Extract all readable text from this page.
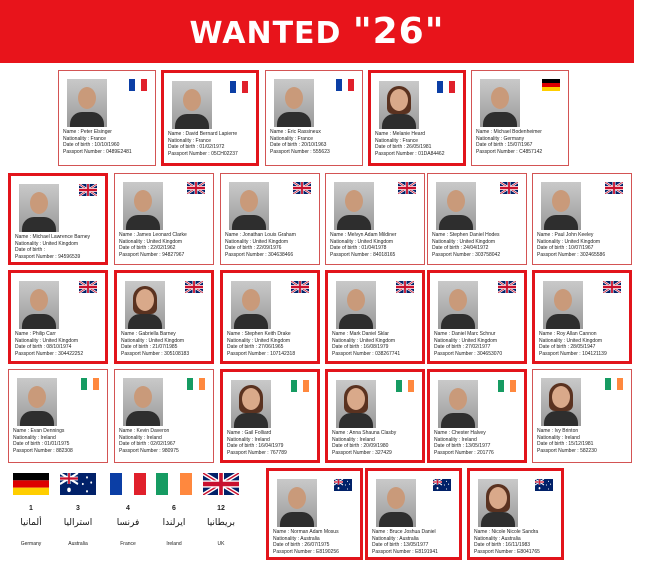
WANTED "26"
Name : Peter Elsinger
Nationality : France
Date of birth : 10/10/1960
Passport Number : 0489E2481
Name : David Bernard Lapierre
Nationality : France
Date of birth : 01/02/1972
Passport Number : 05CH02237
Name : Eric Rassineux
Nationality : France
Date of birth : 20/10/1963
Passport Number : 555623
Name : Melanie Heard
Nationality : France
Date of birth : 26/05/1981
Passport Number : 01DA84462
Name : Michael Bodenheimer
Nationality : Germany
Date of birth : 15/07/1967
Passport Number : C4857142
Name : Michael Lawrence Barney
Nationality : United Kingdom
Date of birth :
Passport Number : 94596539
Name : James Leonard Clarke
Nationality : United Kingdom
Date of birth : 22/02/1962
Passport Number : 94827967
Name : Jonathan Louis Graham
Nationality : United Kingdom
Date of birth : 22/09/1976
Passport Number : 304638466
Name : Melvyn Adam Mildiner
Nationality : United Kingdom
Date of birth : 01/04/1978
Passport Number : 84018165
Name : Stephen Daniel Hodes
Nationality : United Kingdom
Date of birth : 24/04/1972
Passport Number : 303758042
Name : Paul John Keeley
Nationality : United Kingdom
Date of birth : 10/07/1967
Passport Number : 302465586
Name : Philip Carr
Nationality : United Kingdom
Date of birth : 08/10/1974
Passport Number : 304422252
Name : Gabriella Barney
Nationality : United Kingdom
Date of birth : 21/07/1985
Passport Number : 305108183
Name : Stephen Keith Drake
Nationality : United Kingdom
Date of birth : 27/06/1965
Passport Number : 107142318
Name : Mark Daniel Sklar
Nationality : United Kingdom
Date of birth : 16/08/1979
Passport Number : 038267741
Name : Daniel Marc Schnur
Nationality : United Kingdom
Date of birth : 27/02/1977
Passport Number : 304653070
Name : Roy Allan Cannon
Nationality : United Kingdom
Date of birth : 28/05/1947
Passport Number : 104121139
Name : Evan Dennings
Nationality : Ireland
Date of birth : 01/01/1975
Passport Number : 882308
Name : Kevin Daveron
Nationality : Ireland
Date of birth : 02/02/1967
Passport Number : 980975
Name : Gail Folliard
Nationality : Ireland
Date of birth : 16/04/1979
Passport Number : 767789
Name : Anna Shauna Clasby
Nationality : Ireland
Date of birth : 20/09/1980
Passport Number : 327429
Name : Chester Halvey
Nationality : Ireland
Date of birth : 13/05/1977
Passport Number : 201776
Name : Ivy Brinton
Nationality : Ireland
Date of birth : 15/12/1981
Passport Number : 582230
Name : Norman Adam Mosus
Nationality : Australia
Date of birth : 26/07/1975
Passport Number : E8190256
Name : Bruce Joshua Daniel
Nationality : Australia
Date of birth : 13/05/1977
Passport Number : E8191941
Name : Nicole Nicole Sandra
Nationality : Australia
Date of birth : 16/11/1983
Passport Number : E8041765
1
ألمانيا
Germany
3
استراليا
Australia
4
فرنسا
France
6
ايرلندا
Ireland
12
بريطانيا
UK
